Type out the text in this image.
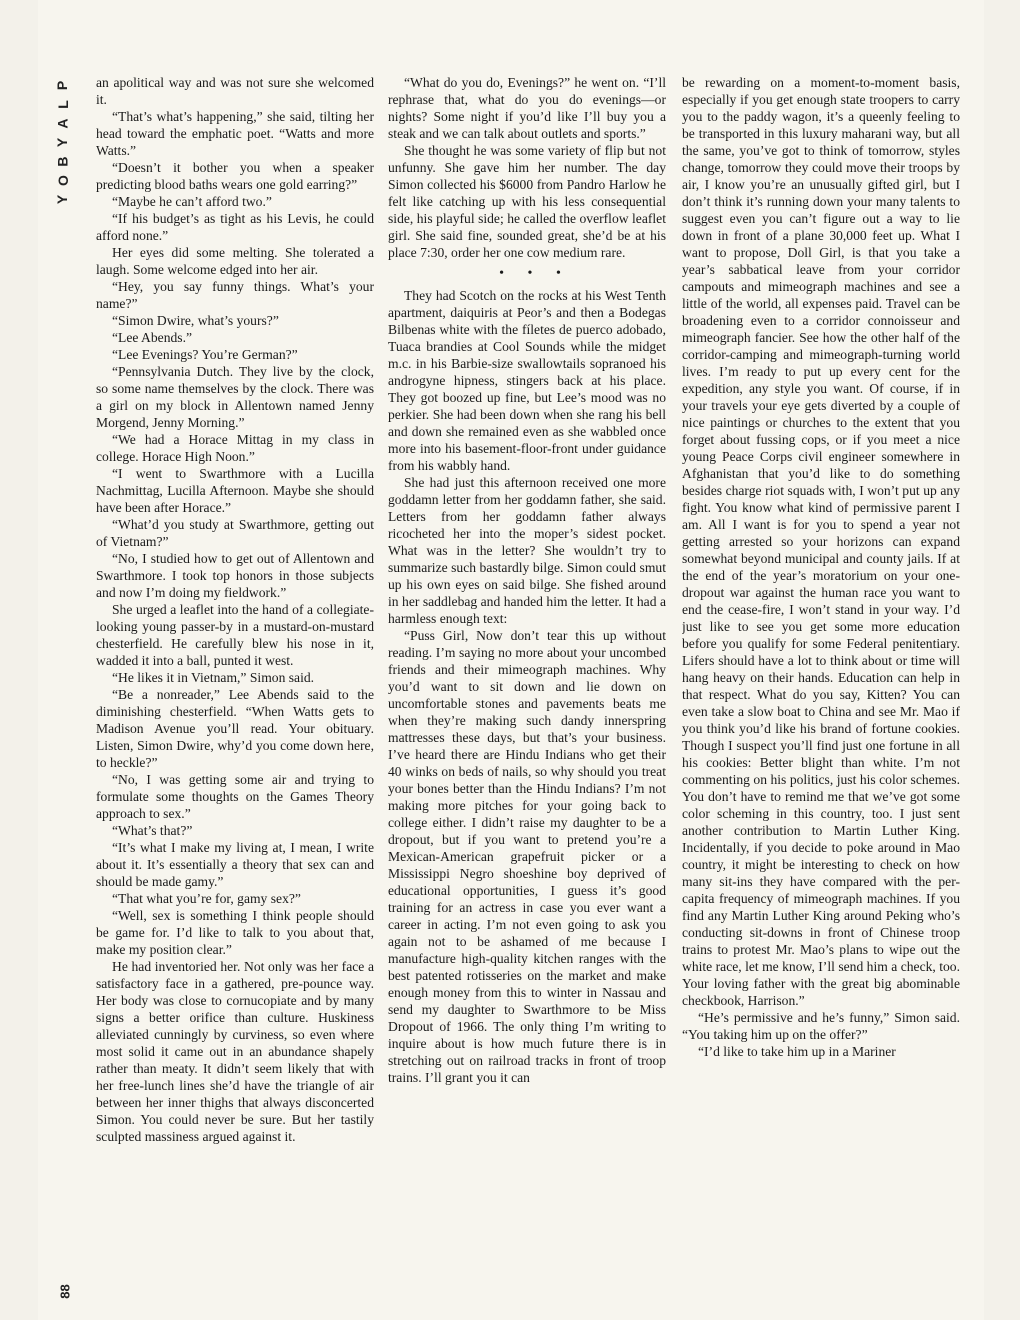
P
L
A
Y
B
O
Y
88

an apolitical way and was not sure she welcomed it.

“That’s what’s happening,” she said, tilting her head toward the emphatic poet. “Watts and more Watts.”

“Doesn’t it bother you when a speaker predicting blood baths wears one gold earring?”

“Maybe he can’t afford two.”

“If his budget’s as tight as his Levis, he could afford none.”

Her eyes did some melting. She tolerated a laugh. Some welcome edged into her air.

“Hey, you say funny things. What’s your name?”

“Simon Dwire, what’s yours?”

“Lee Abends.”

“Lee Evenings? You’re German?”

“Pennsylvania Dutch. They live by the clock, so some name themselves by the clock. There was a girl on my block in Allentown named Jenny Morgend, Jenny Morning.”

“We had a Horace Mittag in my class in college. Horace High Noon.”

“I went to Swarthmore with a Lucilla Nachmittag, Lucilla Afternoon. Maybe she should have been after Horace.”

“What’d you study at Swarthmore, getting out of Vietnam?”

“No, I studied how to get out of Allentown and Swarthmore. I took top honors in those subjects and now I’m doing my fieldwork.”

She urged a leaflet into the hand of a collegiate-looking young passer-by in a mustard-on-mustard chesterfield. He carefully blew his nose in it, wadded it into a ball, punted it west.

“He likes it in Vietnam,” Simon said.

“Be a nonreader,” Lee Abends said to the diminishing chesterfield. “When Watts gets to Madison Avenue you’ll read. Your obituary. Listen, Simon Dwire, why’d you come down here, to heckle?”

“No, I was getting some air and trying to formulate some thoughts on the Games Theory approach to sex.”

“What’s that?”

“It’s what I make my living at, I mean, I write about it. It’s essentially a theory that sex can and should be made gamy.”

“That what you’re for, gamy sex?”

“Well, sex is something I think people should be game for. I’d like to talk to you about that, make my position clear.”

He had inventoried her. Not only was her face a satisfactory face in a gathered, pre-pounce way. Her body was close to cornucopiate and by many signs a better orifice than culture. Huskiness alleviated cunningly by curviness, so even where most solid it came out in an abundance shapely rather than meaty. It didn’t seem likely that with her free-lunch lines she’d have the triangle of air between her inner thighs that always disconcerted Simon. You could never be sure. But her tastily sculpted massiness argued against it.

“What do you do, Evenings?” he went on. “I’ll rephrase that, what do you do evenings—or nights? Some night if you’d like I’ll buy you a steak and we can talk about outlets and sports.”

She thought he was some variety of flip but not unfunny. She gave him her number. The day Simon collected his $6000 from Pandro Harlow he felt like catching up with his less consequential side, his playful side; he called the overflow leaflet girl. She said fine, sounded great, she’d be at his place 7:30, order her one cow medium rare.

• • •

They had Scotch on the rocks at his West Tenth apartment, daiquiris at Peor’s and then a Bodegas Bilbenas white with the fíletes de puerco adobado, Tuaca brandies at Cool Sounds while the midget m.c. in his Barbie-size swallowtails sopranoed his androgyne hipness, stingers back at his place. They got boozed up fine, but Lee’s mood was no perkier. She had been down when she rang his bell and down she remained even as she wabbled once more into his basement-floor-front under guidance from his wabbly hand.

She had just this afternoon received one more goddamn letter from her goddamn father, she said. Letters from her goddamn father always ricocheted her into the moper’s sidest pocket. What was in the letter? She wouldn’t try to summarize such bastardly bilge. Simon could smut up his own eyes on said bilge. She fished around in her saddlebag and handed him the letter. It had a harmless enough text:

“Puss Girl, Now don’t tear this up without reading. I’m saying no more about your uncombed friends and their mimeograph machines. Why you’d want to sit down and lie down on uncomfortable stones and pavements beats me when they’re making such dandy innerspring mattresses these days, but that’s your business. I’ve heard there are Hindu Indians who get their 40 winks on beds of nails, so why should you treat your bones better than the Hindu Indians? I’m not making more pitches for your going back to college either. I didn’t raise my daughter to be a dropout, but if you want to pretend you’re a Mexican-American grapefruit picker or a Mississippi Negro shoeshine boy deprived of educational opportunities, I guess it’s good training for an actress in case you ever want a career in acting. I’m not even going to ask you again not to be ashamed of me because I manufacture high-quality kitchen ranges with the best patented rotisseries on the market and make enough money from this to winter in Nassau and send my daughter to Swarthmore to be Miss Dropout of 1966. The only thing I’m writing to inquire about is how much future there is in stretching out on railroad tracks in front of troop trains. I’ll grant you it can

be rewarding on a moment-to-moment basis, especially if you get enough state troopers to carry you to the paddy wagon, it’s a queenly feeling to be transported in this luxury maharani way, but all the same, you’ve got to think of tomorrow, styles change, tomorrow they could move their troops by air, I know you’re an unusually gifted girl, but I don’t think it’s running down your many talents to suggest even you can’t figure out a way to lie down in front of a plane 30,000 feet up. What I want to propose, Doll Girl, is that you take a year’s sabbatical leave from your corridor campouts and mimeograph machines and see a little of the world, all expenses paid. Travel can be broadening even to a corridor connoisseur and mimeograph fancier. See how the other half of the corridor-camping and mimeograph-turning world lives. I’m ready to put up every cent for the expedition, any style you want. Of course, if in your travels your eye gets diverted by a couple of nice paintings or churches to the extent that you forget about fussing cops, or if you meet a nice young Peace Corps civil engineer somewhere in Afghanistan that you’d like to do something besides charge riot squads with, I won’t put up any fight. You know what kind of permissive parent I am. All I want is for you to spend a year not getting arrested so your horizons can expand somewhat beyond municipal and county jails. If at the end of the year’s moratorium on your one-dropout war against the human race you want to end the cease-fire, I won’t stand in your way. I’d just like to see you get some more education before you qualify for some Federal penitentiary. Lifers should have a lot to think about or time will hang heavy on their hands. Education can help in that respect. What do you say, Kitten? You can even take a slow boat to China and see Mr. Mao if you think you’d like his brand of fortune cookies. Though I suspect you’ll find just one fortune in all his cookies: Better blight than white. I’m not commenting on his politics, just his color schemes. You don’t have to remind me that we’ve got some color scheming in this country, too. I just sent another contribution to Martin Luther King. Incidentally, if you decide to poke around in Mao country, it might be interesting to check on how many sit-ins they have compared with the per-capita frequency of mimeograph machines. If you find any Martin Luther King around Peking who’s conducting sit-downs in front of Chinese troop trains to protest Mr. Mao’s plans to wipe out the white race, let me know, I’ll send him a check, too. Your loving father with the great big abominable checkbook, Harrison.”

“He’s permissive and he’s funny,” Simon said. “You taking him up on the offer?”

“I’d like to take him up in a Mariner
